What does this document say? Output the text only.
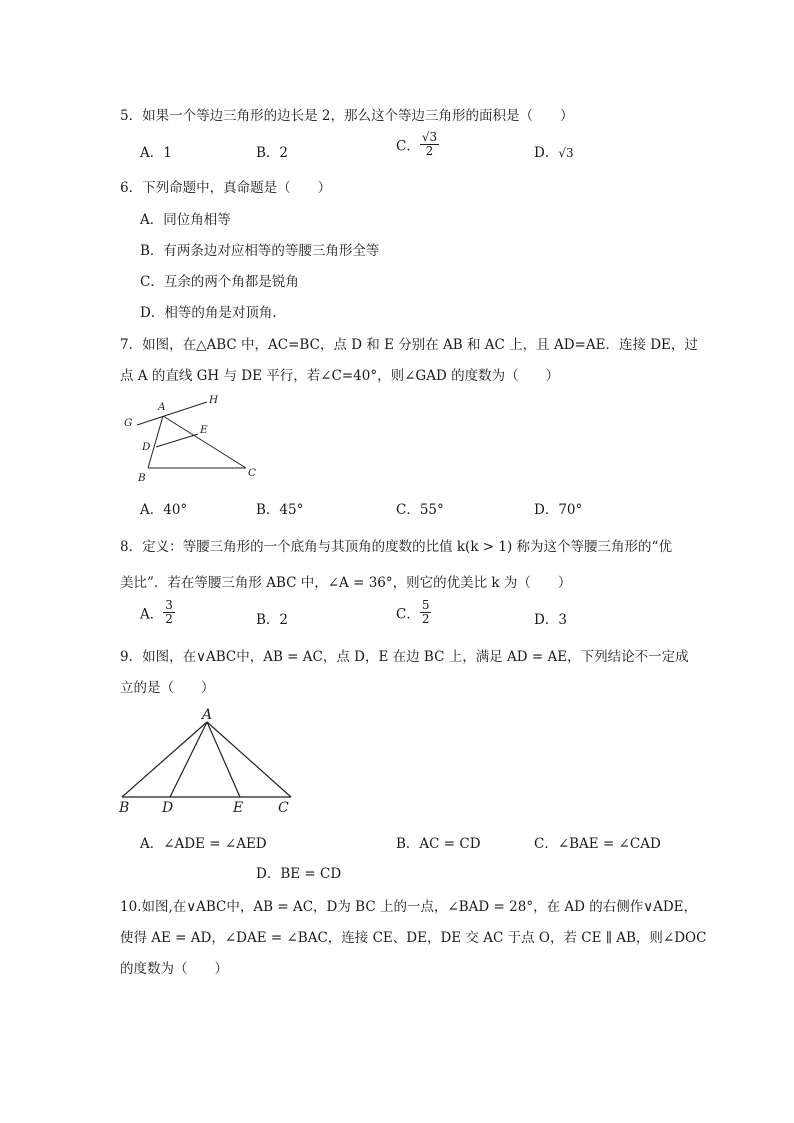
5．如果一个等边三角形的边长是 2，那么这个等边三角形的面积是（　　）
A．1	B．2	C． $\frac{√3}{2}$	D．√3
6．下列命题中，真命题是（　　）
A．同位角相等
B．有两条边对应相等的等腰三角形全等
C．互余的两个角都是锐角
D．相等的角是对顶角．
7．如图，在△ABC 中，AC=BC，点 D 和 E 分别在 AB 和 AC 上，且 AD=AE．连接 DE，过
点 A 的直线 GH 与 DE 平行，若∠C=40°，则∠GAD 的度数为（　　）
G
A
H
D
E
B	C
A．40°	B．45°	C．55°	D．70°
8．定义：等腰三角形的一个底角与其顶角的度数的比值 k(k > 1) 称为这个等腰三角形的“优
美比”．若在等腰三角形 ABC 中，∠A = 36°，则它的优美比 k 为（　　）
A． $\frac{3}{2}$	B．2	C． $\frac{5}{2}$	D．3
9．如图，在∨ABC中，AB = AC，点 D，E 在边 BC 上，满足 AD = AE，下列结论不一定成
立的是（　　）
A
B D	E C
A．∠ADE = ∠AED	B．AC = CD	C．∠BAE = ∠CAD
D．BE = CD
10.如图,在∨ABC中，AB = AC，D为 BC 上的一点，∠BAD = 28°，在 AD 的右侧作∨ADE，
使得 AE = AD，∠DAE = ∠BAC，连接 CE、DE，DE 交 AC 于点 O，若 CE ∥ AB，则∠DOC
的度数为（　　）
